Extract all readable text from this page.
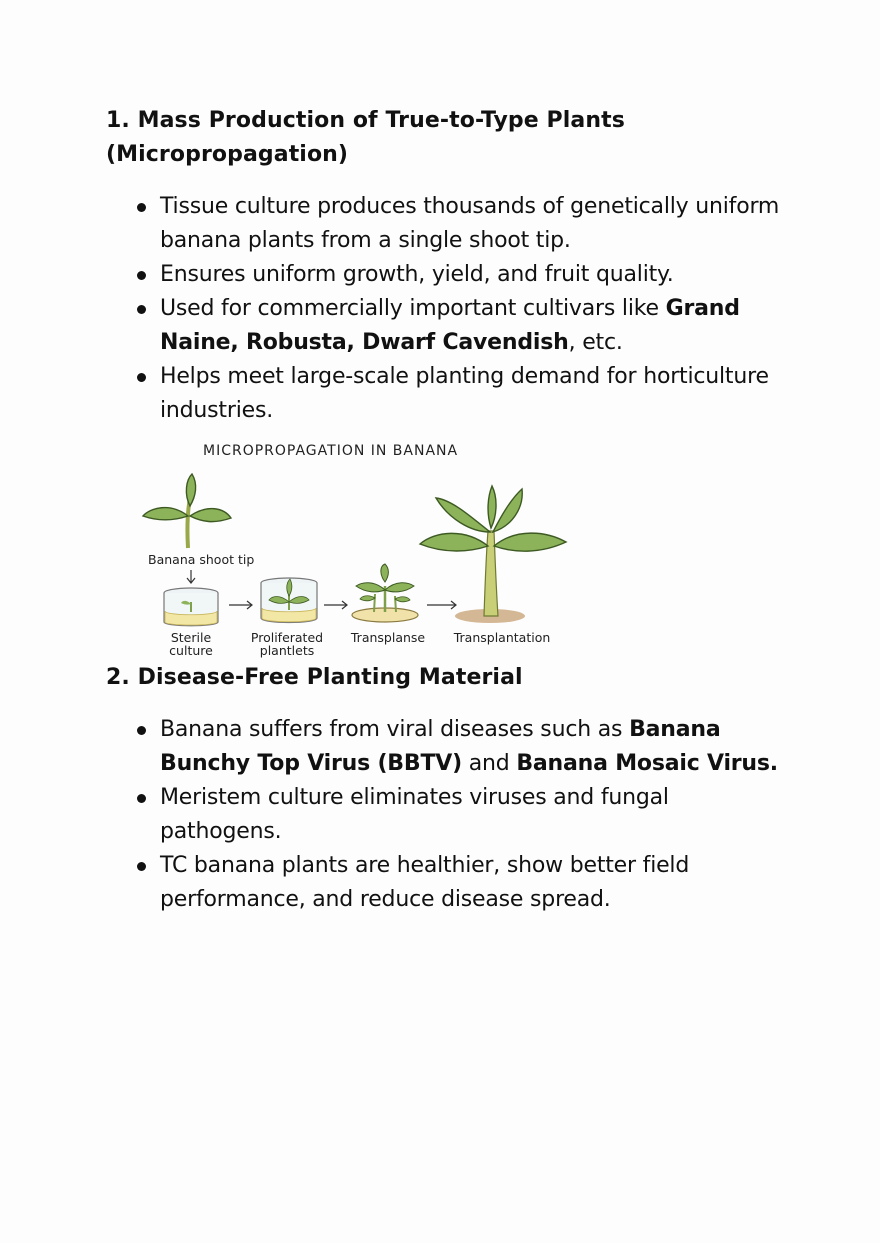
1. Mass Production of True-to-Type Plants (Micropropagation)
Tissue culture produces thousands of genetically uniform banana plants from a single shoot tip.
Ensures uniform growth, yield, and fruit quality.
Used for commercially important cultivars like Grand Naine, Robusta, Dwarf Cavendish, etc.
Helps meet large-scale planting demand for horticulture industries.
MICROPROPAGATION IN BANANA
Banana shoot tip
Sterile
culture
Proliferated
plantlets
Transplanse Transplantation
2. Disease-Free Planting Material
Banana suffers from viral diseases such as Banana Bunchy Top Virus (BBTV) and Banana Mosaic Virus.
Meristem culture eliminates viruses and fungal pathogens.
TC banana plants are healthier, show better field performance, and reduce disease spread.
